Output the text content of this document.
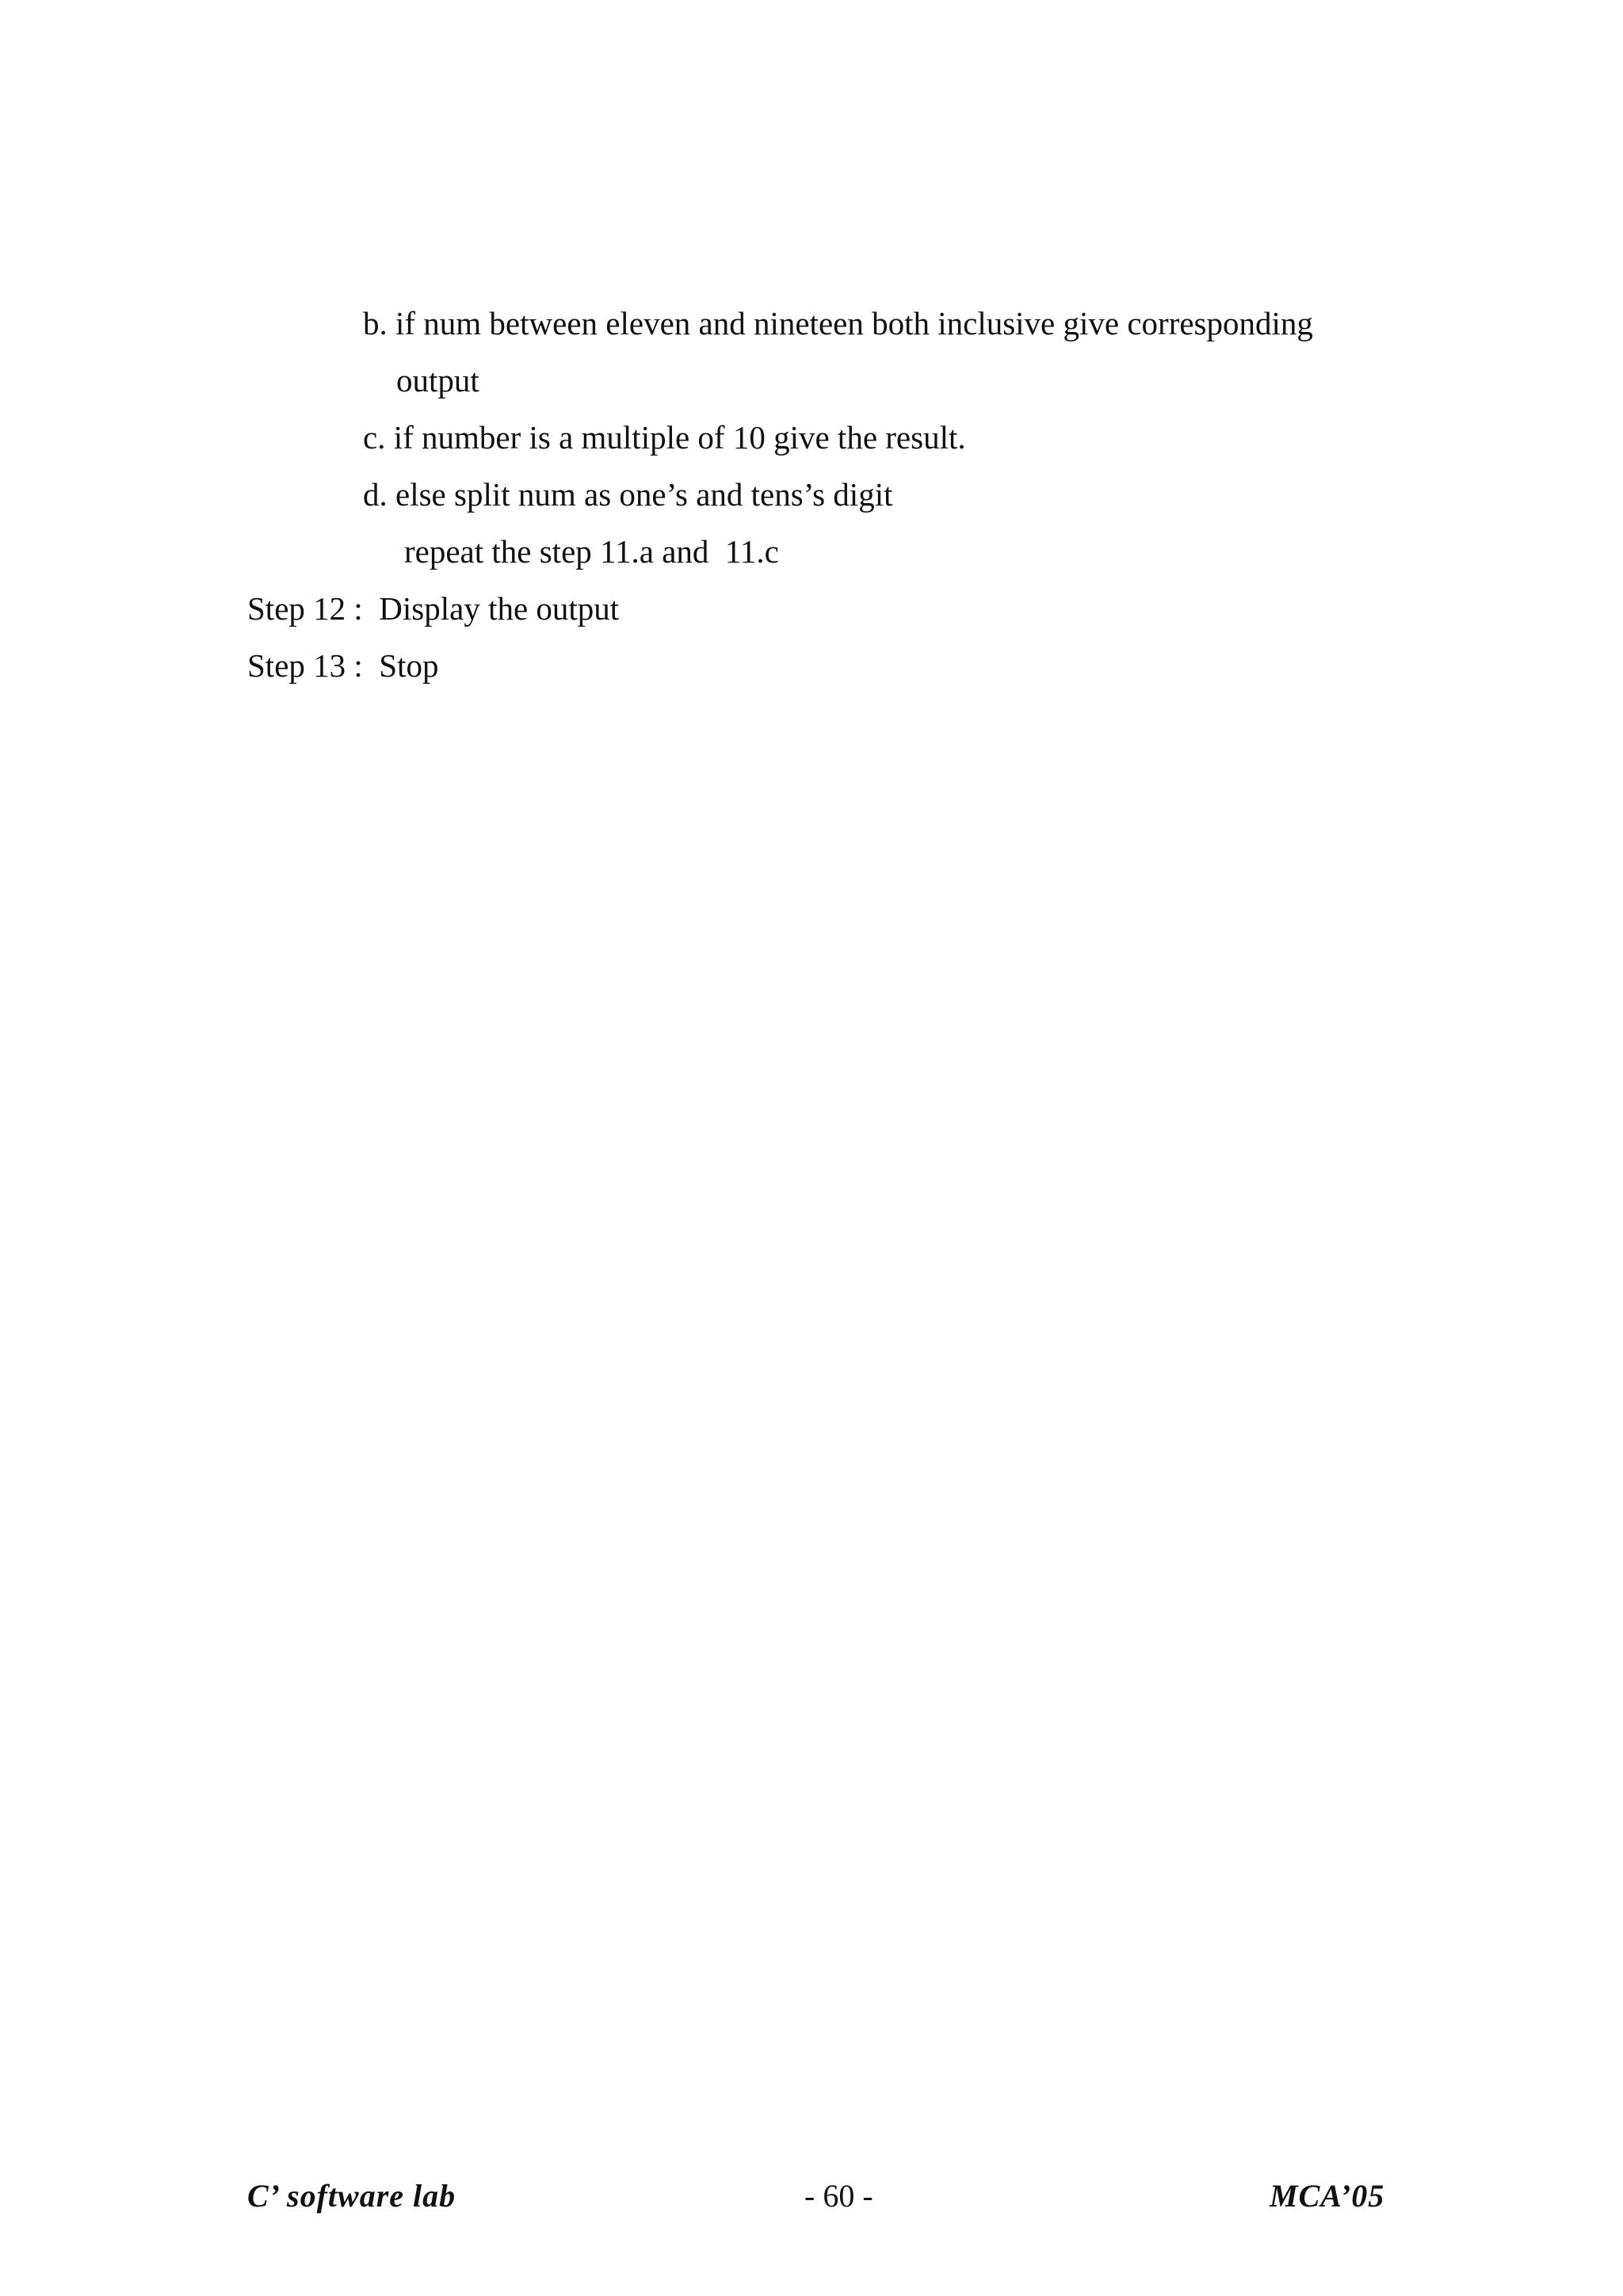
b. if num between eleven and nineteen both inclusive give corresponding
output
c. if number is a multiple of 10 give the result.
d. else split num as one’s and tens’s digit
repeat the step 11.a and  11.c
Step 12 :  Display the output
Step 13 :  Stop
C’ software lab	- 60 -	MCA’05
